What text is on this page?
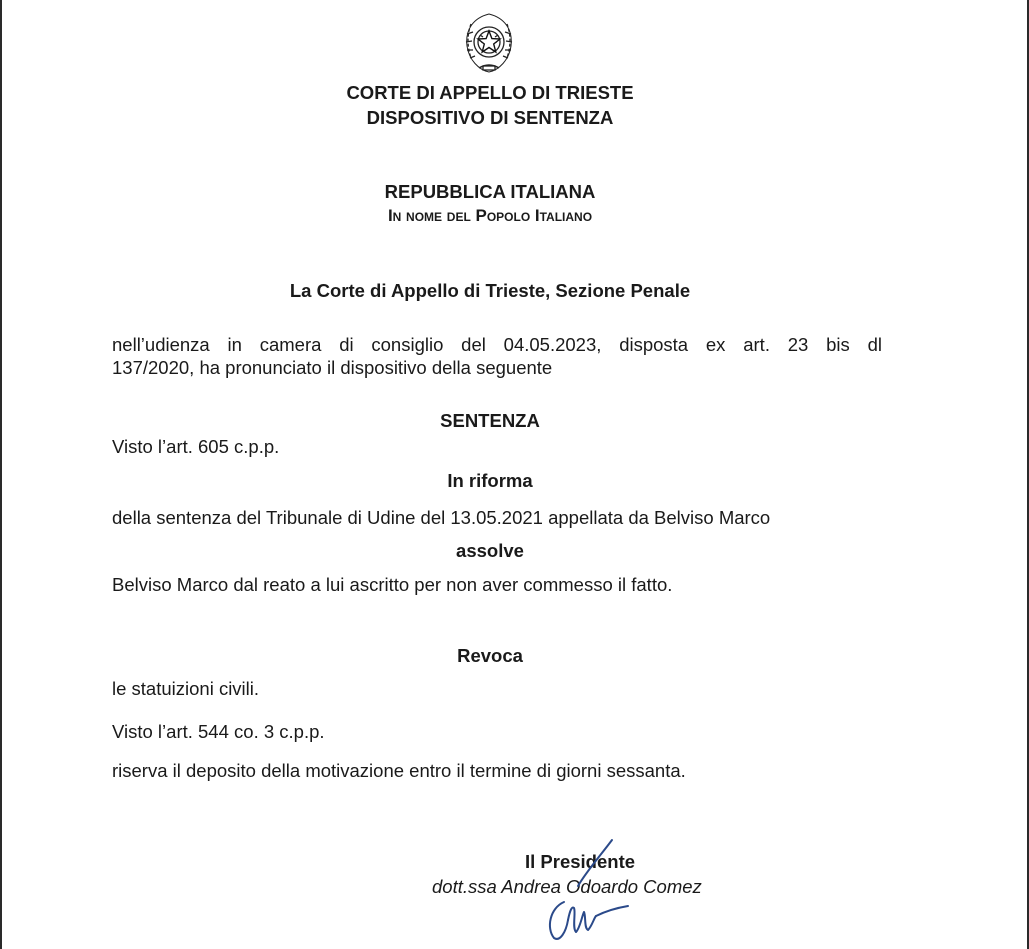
CORTE DI APPELLO DI TRIESTE
DISPOSITIVO DI SENTENZA
REPUBBLICA ITALIANA
In nome del Popolo Italiano
La Corte di Appello di Trieste, Sezione Penale
nell’udienza in camera di consiglio del 04.05.2023, disposta ex art. 23 bis dl
137/2020, ha pronunciato il dispositivo della seguente
SENTENZA
Visto l’art. 605 c.p.p.
In riforma
della sentenza del Tribunale di Udine del 13.05.2021 appellata da Belviso Marco
assolve
Belviso Marco dal reato a lui ascritto per non aver commesso il fatto.
Revoca
le statuizioni civili.
Visto l’art. 544 co. 3 c.p.p.
riserva il deposito della motivazione entro il termine di giorni sessanta.
Il Presidente
dott.ssa Andrea Odoardo Comez
